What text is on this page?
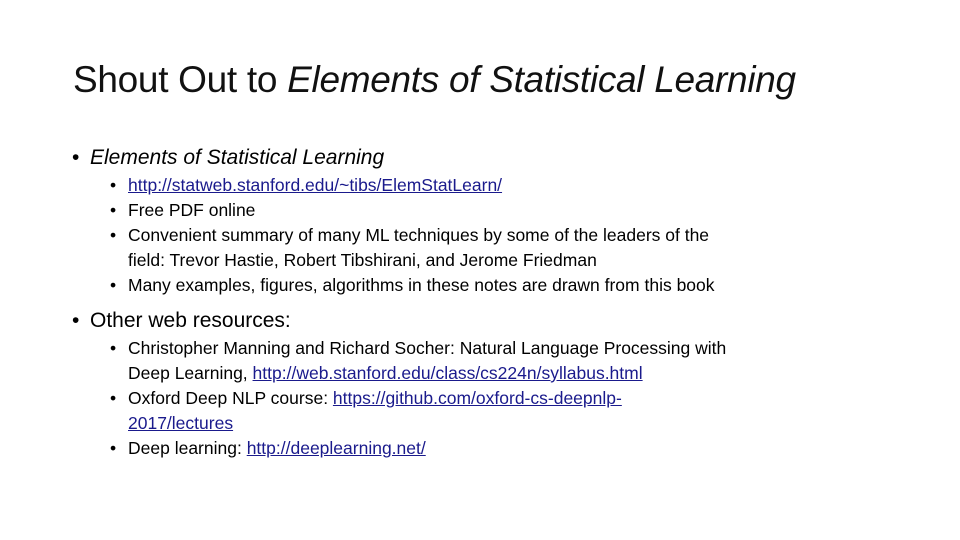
Shout Out to Elements of Statistical Learning
• Elements of Statistical Learning
• http://statweb.stanford.edu/~tibs/ElemStatLearn/
• Free PDF online
• Convenient summary of many ML techniques by some of the leaders of the
field: Trevor Hastie, Robert Tibshirani, and Jerome Friedman
• Many examples, figures, algorithms in these notes are drawn from this book
• Other web resources:
• Christopher Manning and Richard Socher: Natural Language Processing with
Deep Learning, http://web.stanford.edu/class/cs224n/syllabus.html
• Oxford Deep NLP course: https://github.com/oxford-cs-deepnlp-
2017/lectures
• Deep learning: http://deeplearning.net/
